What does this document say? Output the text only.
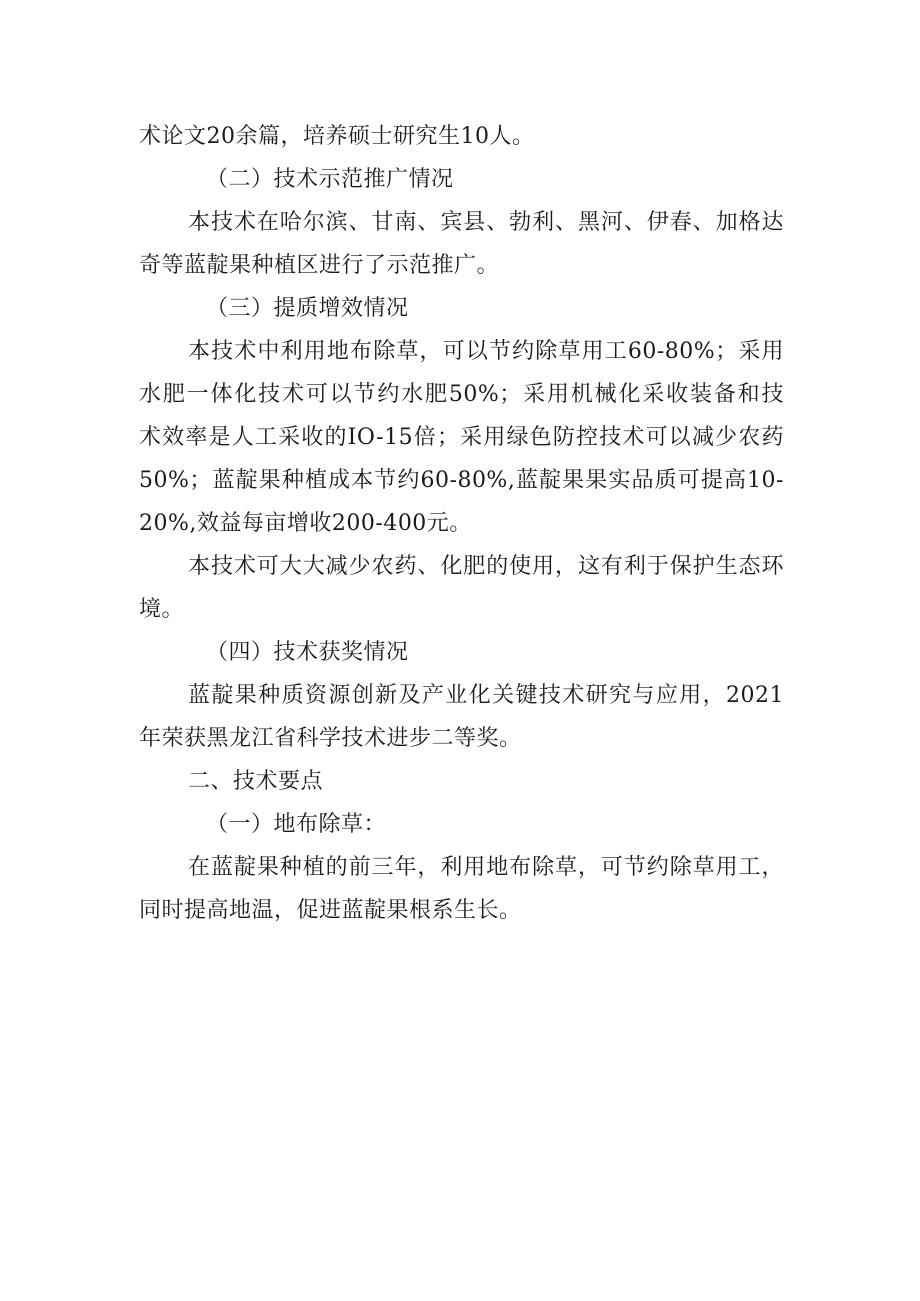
术论文20余篇，培养硕士研究生10人。
（二）技术示范推广情况
本技术在哈尔滨、甘南、宾县、勃利、黑河、伊春、加格达
奇等蓝靛果种植区进行了示范推广。
（三）提质增效情况
本技术中利用地布除草，可以节约除草用工60-80%；采用
水肥一体化技术可以节约水肥50%；采用机械化采收装备和技
术效率是人工采收的IO-15倍；采用绿色防控技术可以减少农药
50%；蓝靛果种植成本节约60-80%,蓝靛果果实品质可提高10-
20%,效益每亩增收200-400元。
本技术可大大减少农药、化肥的使用，这有利于保护生态环
境。
（四）技术获奖情况
蓝靛果种质资源创新及产业化关键技术研究与应用，2021
年荣获黑龙江省科学技术进步二等奖。
二、技术要点
（一）地布除草：
在蓝靛果种植的前三年，利用地布除草，可节约除草用工，
同时提高地温，促进蓝靛果根系生长。
